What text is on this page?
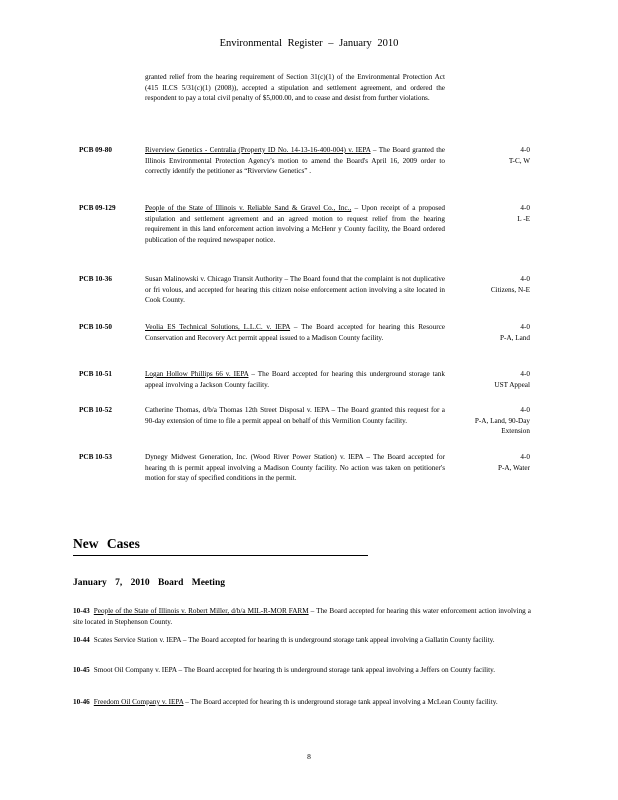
Environmental Register – January 2010
granted relief from the hearing requirement of Section 31(c)(1) of the Environmental Protection Act (415 ILCS 5/31(c)(1) (2008)), accepted a stipulation and settlement agreement, and ordered the respondent to pay a total civil penalty of $5,000.00, and to cease and desist from further violations.
PCB 09-80	Riverview Genetics - Centralia (Property ID No. 14-13-16-400-004) v. IEPA – The Board granted the Illinois Environmental Protection Agency's motion to amend the Board's April 16, 2009 order to correctly identify the petitioner as “Riverview Genetics” .
4-0
T-C, W
PCB 09-129	People of the State of Illinois v. Reliable Sand & Gravel Co., Inc., – Upon receipt of a proposed stipulation and settlement agreement and an agreed motion to request relief from the hearing requirement in this land enforcement action involving a McHenr y County facility, the Board ordered publication of the required newspaper notice.
4-0
L -E
PCB 10-36	Susan Malinowski v. Chicago Transit Authority – The Board found that the complaint is not duplicative or fri volous, and accepted for hearing this citizen noise enforcement action involving a site located in Cook County.
4-0
Citizens, N-E
PCB 10-50	Veolia ES Technical Solutions, L.L.C. v. IEPA – The Board accepted for hearing this Resource Conservation and Recovery Act permit appeal issued to a Madison County facility.
4-0
P-A, Land
PCB 10-51	Logan Hollow Phillips 66 v. IEPA – The Board accepted for hearing this underground storage tank appeal involving a Jackson County facility.
4-0
UST Appeal
PCB 10-52	Catherine Thomas, d/b/a Thomas 12th Street Disposal v. IEPA – The Board granted this request for a 90-day extension of time to file a permit appeal on behalf of this Vermilion County facility.
4-0
P-A, Land, 90-Day Extension
PCB 10-53	Dynegy Midwest Generation, Inc. (Wood River Power Station) v. IEPA – The Board accepted for hearing th is permit appeal involving a Madison County facility. No action was taken on petitioner's motion for stay of specified conditions in the permit.
4-0
P-A, Water
New Cases
January 7, 2010 Board Meeting
10-43 People of the State of Illinois v. Robert Miller, d/b/a MIL-R-MOR FARM – The Board accepted for hearing this water enforcement action involving a site located in Stephenson County.
10-44 Scates Service Station v. IEPA – The Board accepted for hearing th is underground storage tank appeal involving a Gallatin County facility.
10-45 Smoot Oil Company v. IEPA – The Board accepted for hearing th is underground storage tank appeal involving a Jeffers on County facility.
10-46 Freedom Oil Company v. IEPA – The Board accepted for hearing th is underground storage tank appeal involving a McLean County facility.
8
